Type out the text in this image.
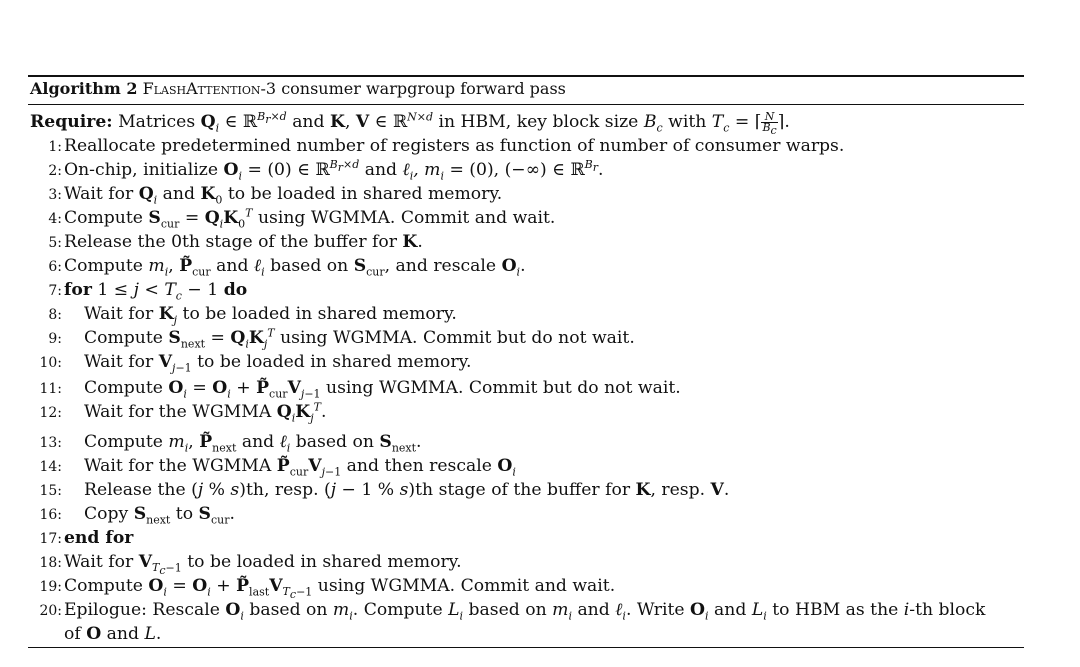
Algorithm 2 FlashAttention-3 consumer warpgroup forward pass
Require: Matrices $Q_i$ ∈ ℝ$^{B_r\times d}$ and K, V ∈ ℝ$^{N\times d}$ in HBM, key block size $B_c$ with $T_c$ = ⌈ $\frac{N}{B_c}$ ⌉.
1: Reallocate predetermined number of registers as function of number of consumer warps.
2: On-chip, initialize $O_i = (0)$ ∈ ℝ$^{B_r\times d}$ and ℓ$_i$, $m_i = (0)$, (−∞) ∈ ℝ$^{B_r}$.
3: Wait for $Q_i$ and $K_0$ to be loaded in shared memory.
4: Compute $S_{cur} = Q_iK_0^T$ using WGMMA. Commit and wait.
5: Release the 0th stage of the buffer for K.
6: Compute $m_i$, $P̃_{cur}$ and ℓ$_i$ based on $S_{cur}$, and rescale $O_i$.
7: for $1 \le j < T_c - 1$ do
8: Wait for $K_j$ to be loaded in shared memory.
9: Compute $S_{next} = Q_iK_j^T$ using WGMMA. Commit but do not wait.
10: Wait for $V_{j-1}$ to be loaded in shared memory.
11: Compute $O_i = O_i$ + $P̃_{cur}V_{j-1}$ using WGMMA. Commit but do not wait.
12: Wait for the WGMMA $Q_iK_j^T$.
13: Compute $m_i$, $P̃_{next}$ and ℓ$_i$ based on $S_{next}$.
14: Wait for the WGMMA $P̃_{cur}V_{j-1}$ and then rescale $O_i$
15: Release the (j % s)th, resp. (j − 1 % s)th stage of the buffer for K, resp. V.
16: Copy $S_{next}$ to $S_{cur}$.
17: end for
18: Wait for $V_{T_c-1}$ to be loaded in shared memory.
19: Compute $O_i = O_i$ + $P̃_{last}V_{T_c-1}$ using WGMMA. Commit and wait.
20: Epilogue: Rescale $O_i$ based on $m_i$. Compute $L_i$ based on $m_i$ and ℓ$_i$. Write $O_i$ and $L_i$ to HBM as the i-th block
of O and L.
